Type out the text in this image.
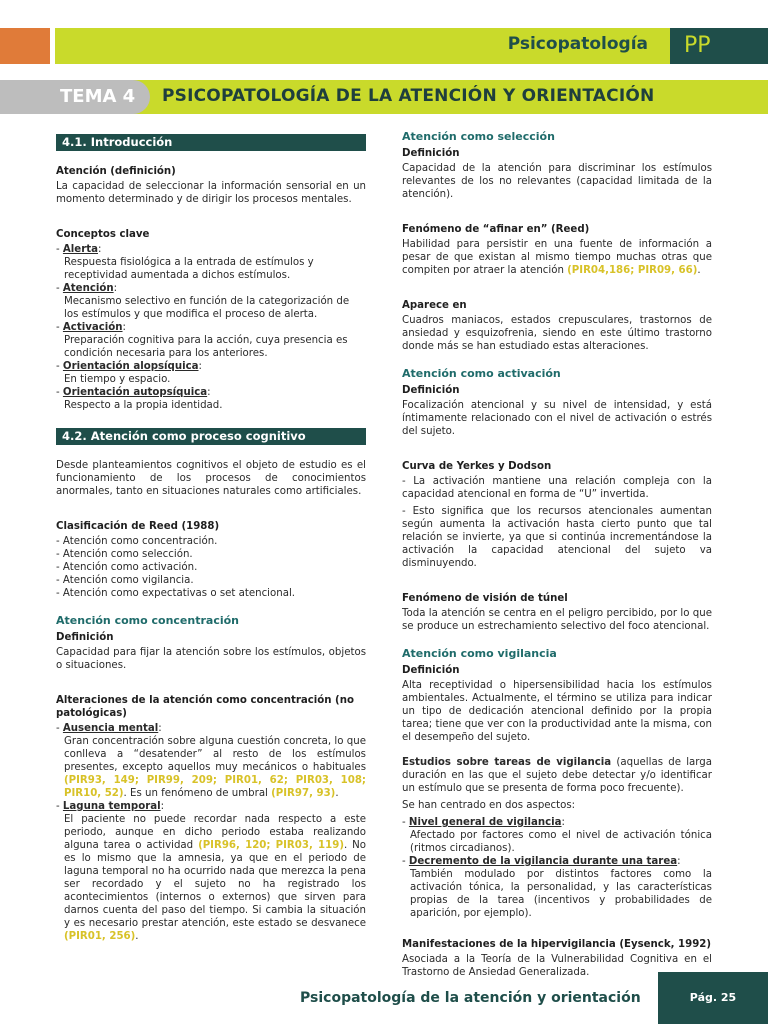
Psicopatología	PP
TEMA 4	PSICOPATOLOGÍA DE LA ATENCIÓN Y ORIENTACIÓN
4.1. Introducción
Atención (definición)
La capacidad de seleccionar la información sensorial en un momento determinado y de dirigir los procesos mentales.
Conceptos clave
- Alerta:
Respuesta fisiológica a la entrada de estímulos y receptividad aumentada a dichos estímulos.
- Atención:
Mecanismo selectivo en función de la categorización de los estímulos y que modifica el proceso de alerta.
- Activación:
Preparación cognitiva para la acción, cuya presencia es condición necesaria para los anteriores.
- Orientación alopsíquica:
En tiempo y espacio.
- Orientación autopsíquica:
Respecto a la propia identidad.
4.2. Atención como proceso cognitivo
Desde planteamientos cognitivos el objeto de estudio es el funcionamiento de los procesos de conocimientos anormales, tanto en situaciones naturales como artificiales.
Clasificación de Reed (1988)
- Atención como concentración.
- Atención como selección.
- Atención como activación.
- Atención como vigilancia.
- Atención como expectativas o set atencional.
Atención como concentración
Definición
Capacidad para fijar la atención sobre los estímulos, objetos o situaciones.
Alteraciones de la atención como concentración (no patológicas)
- Ausencia mental:
Gran concentración sobre alguna cuestión concreta, lo que conlleva a “desatender” al resto de los estímulos presentes, excepto aquellos muy mecánicos o habituales (PIR93, 149; PIR99, 209; PIR01, 62; PIR03, 108; PIR10, 52). Es un fenómeno de umbral (PIR97, 93).
- Laguna temporal:
El paciente no puede recordar nada respecto a este periodo, aunque en dicho periodo estaba realizando alguna tarea o actividad (PIR96, 120; PIR03, 119). No es lo mismo que la amnesia, ya que en el periodo de laguna temporal no ha ocurrido nada que merezca la pena ser recordado y el sujeto no ha registrado los acontecimientos (internos o externos) que sirven para darnos cuenta del paso del tiempo. Si cambia la situación y es necesario prestar atención, este estado se desvanece (PIR01, 256).
Atención como selección
Definición
Capacidad de la atención para discriminar los estímulos relevantes de los no relevantes (capacidad limitada de la atención).
Fenómeno de “afinar en” (Reed)
Habilidad para persistir en una fuente de información a pesar de que existan al mismo tiempo muchas otras que compiten por atraer la atención (PIR04,186; PIR09, 66).
Aparece en
Cuadros maniacos, estados crepusculares, trastornos de ansiedad y esquizofrenia, siendo en este último trastorno donde más se han estudiado estas alteraciones.
Atención como activación
Definición
Focalización atencional y su nivel de intensidad, y está íntimamente relacionado con el nivel de activación o estrés del sujeto.
Curva de Yerkes y Dodson
- La activación mantiene una relación compleja con la capacidad atencional en forma de “U” invertida.
- Esto significa que los recursos atencionales aumentan según aumenta la activación hasta cierto punto que tal relación se invierte, ya que si continúa incrementándose la activación la capacidad atencional del sujeto va disminuyendo.
Fenómeno de visión de túnel
Toda la atención se centra en el peligro percibido, por lo que se produce un estrechamiento selectivo del foco atencional.
Atención como vigilancia
Definición
Alta receptividad o hipersensibilidad hacia los estímulos ambientales. Actualmente, el término se utiliza para indicar un tipo de dedicación atencional definido por la propia tarea; tiene que ver con la productividad ante la misma, con el desempeño del sujeto.
Estudios sobre tareas de vigilancia (aquellas de larga duración en las que el sujeto debe detectar y/o identificar un estímulo que se presenta de forma poco frecuente).
Se han centrado en dos aspectos:
- Nivel general de vigilancia:
Afectado por factores como el nivel de activación tónica (ritmos circadianos).
- Decremento de la vigilancia durante una tarea:
También modulado por distintos factores como la activación tónica, la personalidad, y las características propias de la tarea (incentivos y probabilidades de aparición, por ejemplo).
Manifestaciones de la hipervigilancia (Eysenck, 1992)
Asociada a la Teoría de la Vulnerabilidad Cognitiva en el Trastorno de Ansiedad Generalizada.
Psicopatología de la atención y orientación	Pág. 25
